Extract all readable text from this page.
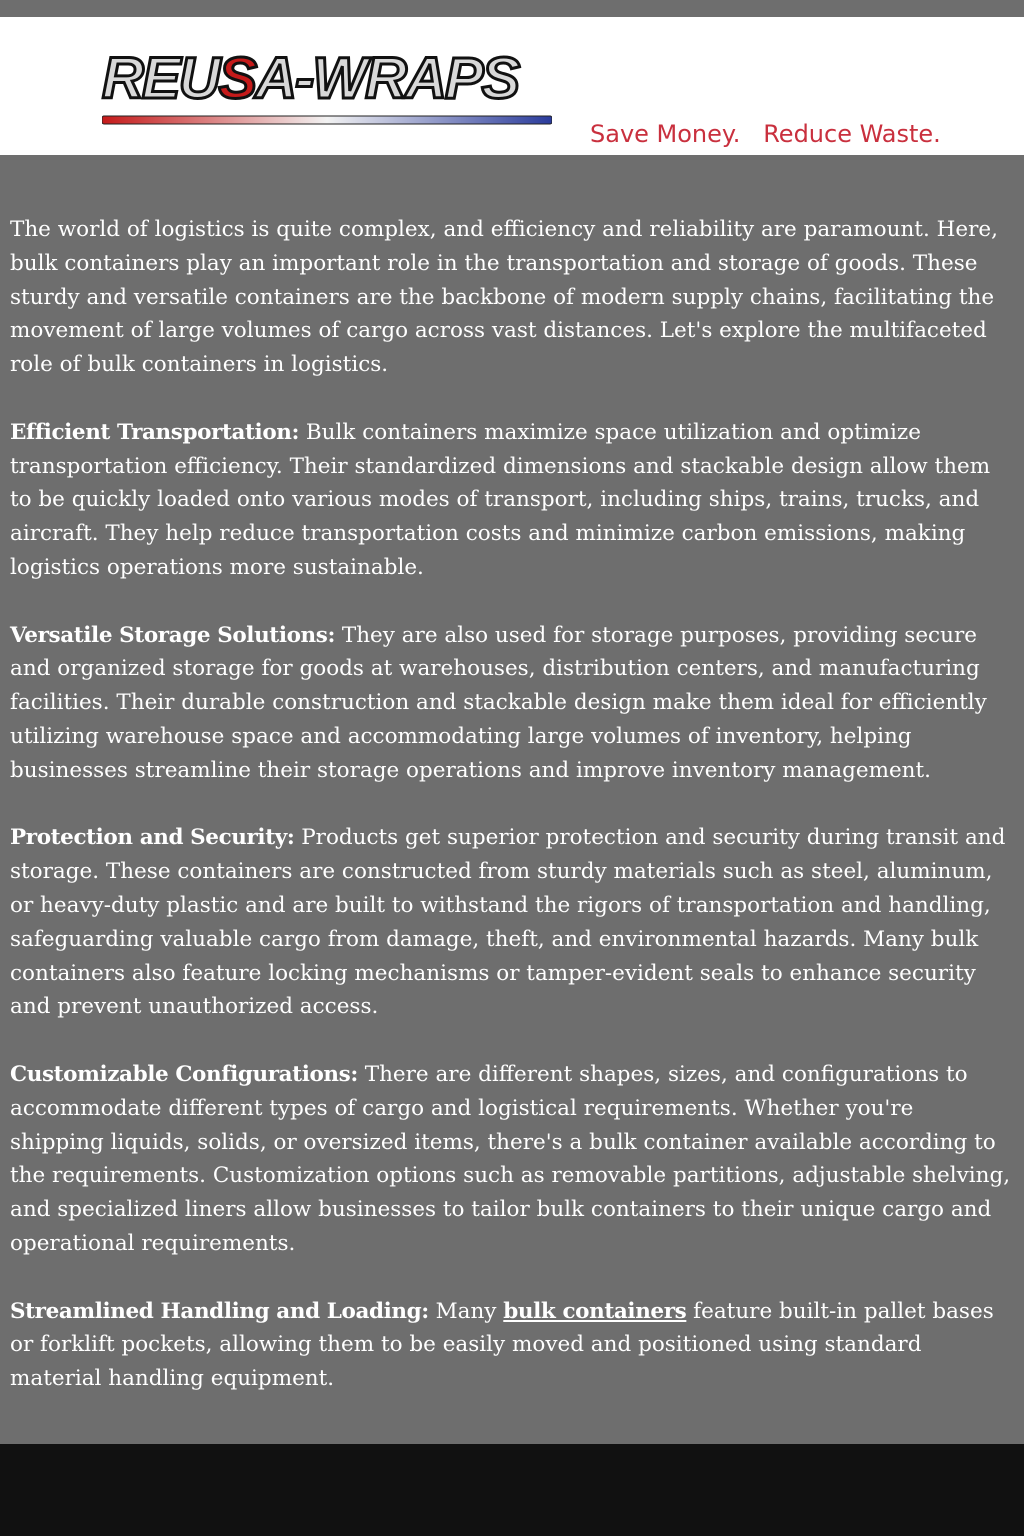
REUSA-WRAPS

Save Money.   Reduce Waste.

The world of logistics is quite complex, and efficiency and reliability are paramount. Here, bulk containers play an important role in the transportation and storage of goods. These sturdy and versatile containers are the backbone of modern supply chains, facilitating the movement of large volumes of cargo across vast distances. Let's explore the multifaceted role of bulk containers in logistics.

Efficient Transportation: Bulk containers maximize space utilization and optimize transportation efficiency. Their standardized dimensions and stackable design allow them to be quickly loaded onto various modes of transport, including ships, trains, trucks, and aircraft. They help reduce transportation costs and minimize carbon emissions, making logistics operations more sustainable.

Versatile Storage Solutions: They are also used for storage purposes, providing secure and organized storage for goods at warehouses, distribution centers, and manufacturing facilities. Their durable construction and stackable design make them ideal for efficiently utilizing warehouse space and accommodating large volumes of inventory, helping businesses streamline their storage operations and improve inventory management.

Protection and Security: Products get superior protection and security during transit and storage. These containers are constructed from sturdy materials such as steel, aluminum, or heavy-duty plastic and are built to withstand the rigors of transportation and handling, safeguarding valuable cargo from damage, theft, and environmental hazards. Many bulk containers also feature locking mechanisms or tamper-evident seals to enhance security and prevent unauthorized access.

Customizable Configurations: There are different shapes, sizes, and configurations to accommodate different types of cargo and logistical requirements. Whether you're shipping liquids, solids, or oversized items, there's a bulk container available according to the requirements. Customization options such as removable partitions, adjustable shelving, and specialized liners allow businesses to tailor bulk containers to their unique cargo and operational requirements.

Streamlined Handling and Loading: Many bulk containers feature built-in pallet bases or forklift pockets, allowing them to be easily moved and positioned using standard material handling equipment.
